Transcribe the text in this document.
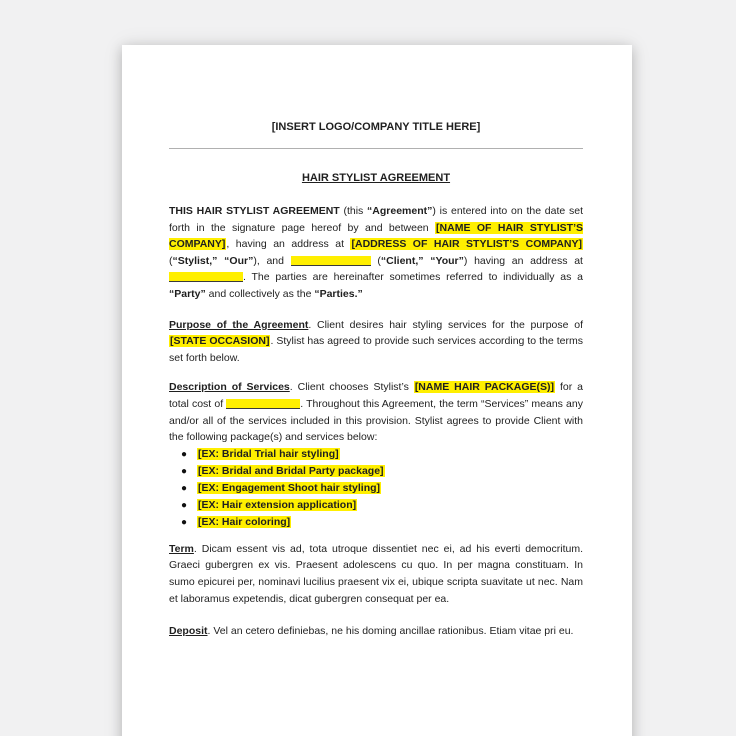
[INSERT LOGO/COMPANY TITLE HERE]
HAIR STYLIST AGREEMENT

THIS HAIR STYLIST AGREEMENT (this “Agreement”) is entered into on the date set forth in the signature page hereof by and between [NAME OF HAIR STYLIST’S COMPANY], having an address at [ADDRESS OF HAIR STYLIST’S COMPANY] (“Stylist,” “Our”), and	(“Client,” “Your”) having an address at . The parties are hereinafter sometimes referred to individually as a “Party” and collectively as the “Parties.”

Purpose of the Agreement. Client desires hair styling services for the purpose of [STATE OCCASION]. Stylist has agreed to provide such services according to the terms set forth below.

Description of Services. Client chooses Stylist’s [NAME HAIR PACKAGE(S)] for a total cost of	. Throughout this Agreement, the term “Services” means any and/or all of the services included in this provision. Stylist agrees to provide Client with the following package(s) and services below:

● [EX: Bridal Trial hair styling]
● [EX: Bridal and Bridal Party package]
● [EX: Engagement Shoot hair styling]
● [EX: Hair extension application]
● [EX: Hair coloring]

Term. Dicam essent vis ad, tota utroque dissentiet nec ei, ad his everti democritum. Graeci gubergren ex vis. Praesent adolescens cu quo. In per magna constituam. In sumo epicurei per, nominavi lucilius praesent vix ei, ubique scripta suavitate ut nec. Nam et laboramus expetendis, dicat gubergren consequat per ea.

Deposit. Vel an cetero definiebas, ne his doming ancillae rationibus. Etiam vitae pri eu.
